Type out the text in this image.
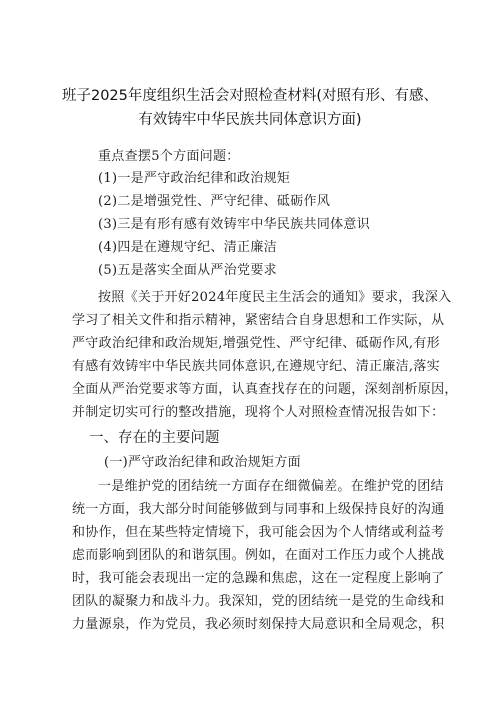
班子2025年度组织生活会对照检查材料(对照有形、有感、
有效铸牢中华民族共同体意识方面)
重点查摆5个方面问题：
(1)一是严守政治纪律和政治规矩
(2)二是增强党性、严守纪律、砥砺作风
(3)三是有形有感有效铸牢中华民族共同体意识
(4)四是在遵规守纪、清正廉洁
(5)五是落实全面从严治党要求
按照《关于开好2024年度民主生活会的通知》要求，我深入
学习了相关文件和指示精神，紧密结合自身思想和工作实际，从
严守政治纪律和政治规矩,增强党性、严守纪律、砥砺作风,有形
有感有效铸牢中华民族共同体意识,在遵规守纪、清正廉洁,落实
全面从严治党要求等方面，认真查找存在的问题，深刻剖析原因，
并制定切实可行的整改措施，现将个人对照检查情况报告如下：
一、存在的主要问题
(一)严守政治纪律和政治规矩方面
一是维护党的团结统一方面存在细微偏差。在维护党的团结
统一方面，我大部分时间能够做到与同事和上级保持良好的沟通
和协作，但在某些特定情境下，我可能会因为个人情绪或利益考
虑而影响到团队的和谐氛围。例如，在面对工作压力或个人挑战
时，我可能会表现出一定的急躁和焦虑，这在一定程度上影响了
团队的凝聚力和战斗力。我深知，党的团结统一是党的生命线和
力量源泉，作为党员，我必须时刻保持大局意识和全局观念，积
